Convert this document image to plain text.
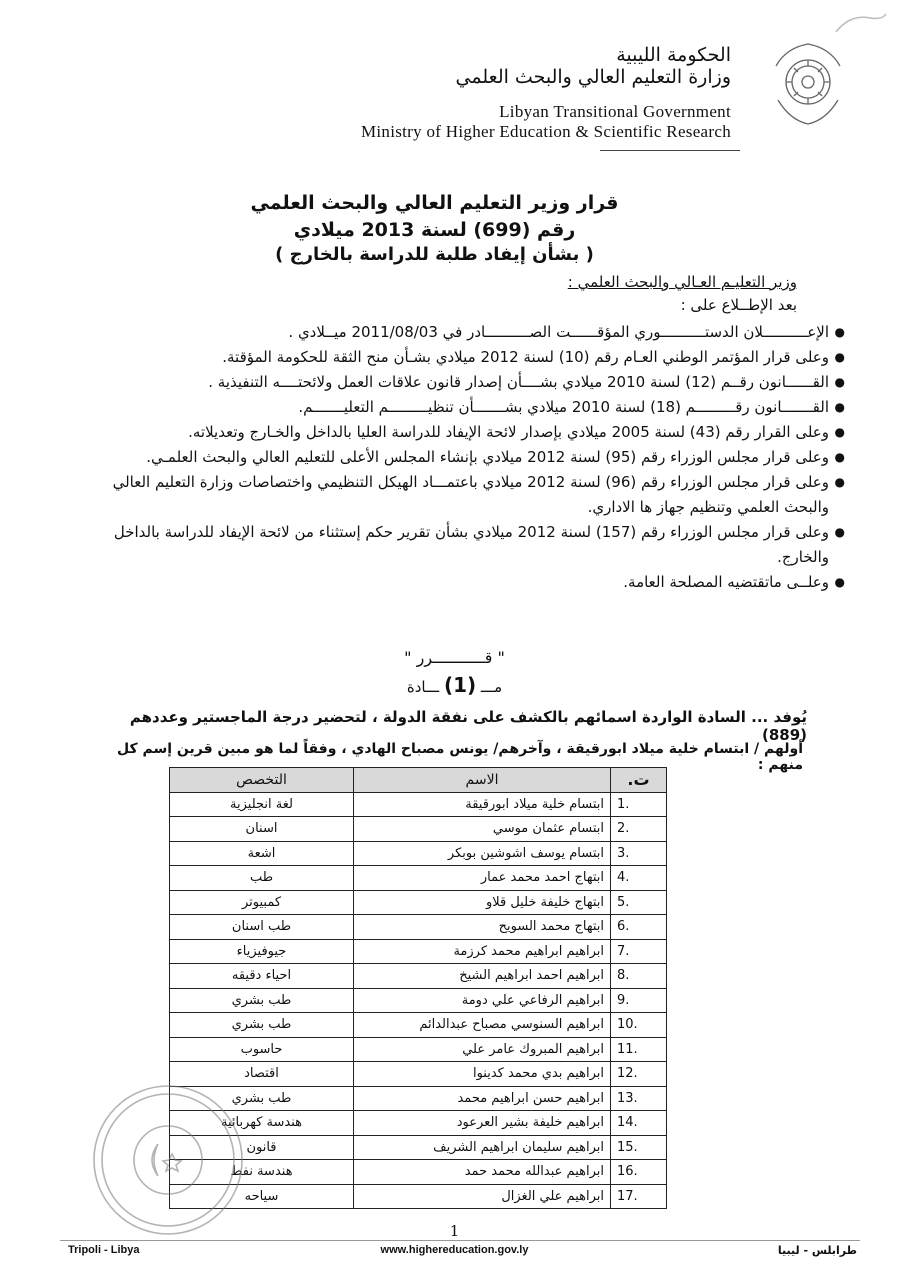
الحكومة الليبية
وزارة التعليم العالي والبحث العلمي
Libyan Transitional Government
Ministry of Higher Education & Scientific Research
قرار وزير التعليم العالي والبحث العلمي
رقم (699) لسنة 2013 ميلادي
( بشأن إيفاد طلبة للدراسة بالخارج )
وزير التعليـم العـالي والبحث العلمي :
بعد الإطــلاع على :
●
الإعــــــــــلان الدستــــــــــوري المؤقــــــت الصــــــــــادر في 2011/08/03 ميــلادي .
●
وعلى قرار المؤتمر الوطني العـام رقم (10) لسنة 2012 ميلادي بشـأن منح الثقة للحكومة المؤقتة.
●
القــــــانون رقــم (12) لسنة 2010 ميلادي بشــــأن إصدار قانون علاقات العمل ولائحتــــه التنفيذية .
●
القـــــــانون رقـــــــــم (18) لسنة 2010 ميلادي بشـــــــأن تنظيـــــــــم التعليـــــــم.
●
وعلى القرار رقم (43) لسنة 2005 ميلادي بإصدار لائحة الإيفاد للدراسة العليا بالداخل والخـارج وتعديلاته.
●
وعلى قرار مجلس الوزراء رقم (95) لسنة 2012 ميلادي بإنشاء المجلس الأعلى للتعليم العالي والبحث العلمـي.
●
وعلى قرار مجلس الوزراء رقم (96) لسنة 2012 ميلادي باعتمـــاد الهيكل التنظيمي واختصاصات وزارة التعليم العالي والبحث العلمي وتنظيم جهاز ها الاداري.
●
وعلى قرار مجلس الوزراء رقم (157) لسنة 2012 ميلادي بشأن تقرير حكم إستثناء من لائحة الإيفاد للدراسة بالداخل والخارج.
●
وعلــى ماتقتضيه المصلحة العامة.
" قـــــــــــرر "
مـــ (1) ـــادة
يُوفد ... السادة الواردة اسمائهم بالكشف على نفقة الدولة ، لتحضير درجة الماجستير وعددهم (889)
أولهم / ابتسام خلية ميلاد ابورقيقة ، وآخرهم/ يونس مصباح الهادي ، وفقاً لما هو مبين قرين إسم كل منهم :
ت.	الاسم	التخصص
1.	ابتسام خلية ميلاد ابورقيقة	لغة انجليزية
2.	ابتسام عثمان موسي	اسنان
3.	ابتسام يوسف اشوشين بوبكر	اشعة
4.	ابتهاج احمد محمد عمار	طب
5.	ابتهاج خليفة خليل قلاو	كمبيوتر
6.	ابتهاج محمد السويح	طب اسنان
7.	ابراهيم ابراهيم محمد كرزمة	جيوفيزياء
8.	ابراهيم احمد ابراهيم الشيخ	احياء دقيقه
9.	ابراهيم الرفاعي علي دومة	طب بشري
10.	ابراهيم السنوسي مصباح عبدالدائم	طب بشري
11.	ابراهيم المبروك عامر علي	حاسوب
12.	ابراهيم بدي محمد كدينوا	اقتصاد
13.	ابراهيم حسن ابراهيم محمد	طب بشري
14.	ابراهيم خليفة بشير العرعود	هندسة كهربائية
15.	ابراهيم سليمان ابراهيم الشريف	قانون
16.	ابراهيم عبدالله محمد حمد	هندسة نفط
17.	ابراهيم علي الغزال	سياحه
1
Tripoli - Libya	www.highereducation.gov.ly	طرابلس - ليبيا
